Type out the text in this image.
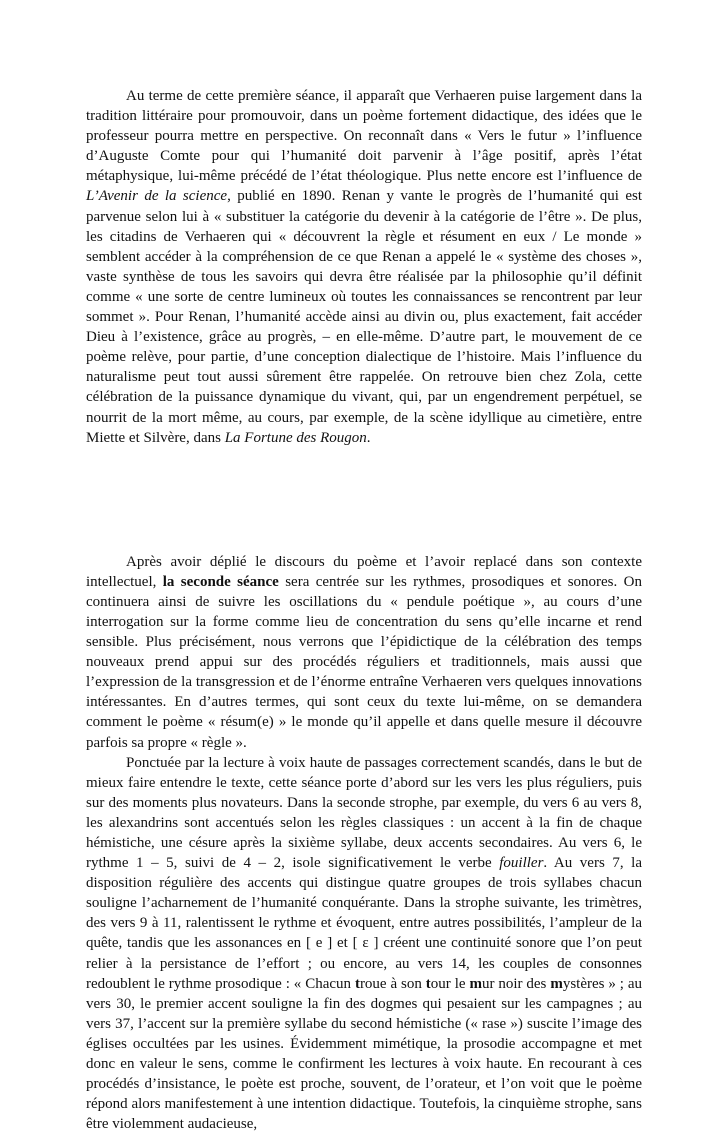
Au terme de cette première séance, il apparaît que Verhaeren puise largement dans la tradition littéraire pour promouvoir, dans un poème fortement didactique, des idées que le professeur pourra mettre en perspective. On reconnaît dans « Vers le futur » l’influence d’Auguste Comte pour qui l’humanité doit parvenir à l’âge positif, après l’état métaphysique, lui-même précédé de l’état théologique. Plus nette encore est l’influence de L’Avenir de la science, publié en 1890. Renan y vante le progrès de l’humanité qui est parvenue selon lui à « substituer la catégorie du devenir à la catégorie de l’être ». De plus, les citadins de Verhaeren qui « découvrent la règle et résument en eux / Le monde » semblent accéder à la compréhension de ce que Renan a appelé le « système des choses », vaste synthèse de tous les savoirs qui devra être réalisée par la philosophie qu’il définit comme « une sorte de centre lumineux où toutes les connaissances se rencontrent par leur sommet ». Pour Renan, l’humanité accède ainsi au divin ou, plus exactement, fait accéder Dieu à l’existence, grâce au progrès, – en elle-même. D’autre part, le mouvement de ce poème relève, pour partie, d’une conception dialectique de l’histoire. Mais l’influence du naturalisme peut tout aussi sûrement être rappelée. On retrouve bien chez Zola, cette célébration de la puissance dynamique du vivant, qui, par un engendrement perpétuel, se nourrit de la mort même, au cours, par exemple, de la scène idyllique au cimetière, entre Miette et Silvère, dans La Fortune des Rougon.

Après avoir déplié le discours du poème et l’avoir replacé dans son contexte intellectuel, la seconde séance sera centrée sur les rythmes, prosodiques et sonores. On continuera ainsi de suivre les oscillations du « pendule poétique », au cours d’une interrogation sur la forme comme lieu de concentration du sens qu’elle incarne et rend sensible. Plus précisément, nous verrons que l’épidictique de la célébration des temps nouveaux prend appui sur des procédés réguliers et traditionnels, mais aussi que l’expression de la transgression et de l’énorme entraîne Verhaeren vers quelques innovations intéressantes. En d’autres termes, qui sont ceux du texte lui-même, on se demandera comment le poème « résum(e) » le monde qu’il appelle et dans quelle mesure il découvre parfois sa propre « règle ».

Ponctuée par la lecture à voix haute de passages correctement scandés, dans le but de mieux faire entendre le texte, cette séance porte d’abord sur les vers les plus réguliers, puis sur des moments plus novateurs. Dans la seconde strophe, par exemple, du vers 6 au vers 8, les alexandrins sont accentués selon les règles classiques : un accent à la fin de chaque hémistiche, une césure après la sixième syllabe, deux accents secondaires. Au vers 6, le rythme 1 – 5, suivi de 4 – 2, isole significativement le verbe fouiller. Au vers 7, la disposition régulière des accents qui distingue quatre groupes de trois syllabes chacun souligne l’acharnement de l’humanité conquérante. Dans la strophe suivante, les trimètres, des vers 9 à 11, ralentissent le rythme et évoquent, entre autres possibilités, l’ampleur de la quête, tandis que les assonances en [ e ] et [ ε ] créent une continuité sonore que l’on peut relier à la persistance de l’effort ; ou encore, au vers 14, les couples de consonnes redoublent le rythme prosodique : « Chacun troue à son tour le mur noir des mystères » ; au vers 30, le premier accent souligne la fin des dogmes qui pesaient sur les campagnes ; au vers 37, l’accent sur la première syllabe du second hémistiche (« rase ») suscite l’image des églises occultées par les usines. Évidemment mimétique, la prosodie accompagne et met donc en valeur le sens, comme le confirment les lectures à voix haute. En recourant à ces procédés d’insistance, le poète est proche, souvent, de l’orateur, et l’on voit que le poème répond alors manifestement à une intention didactique. Toutefois, la cinquième strophe, sans être violemment audacieuse,
